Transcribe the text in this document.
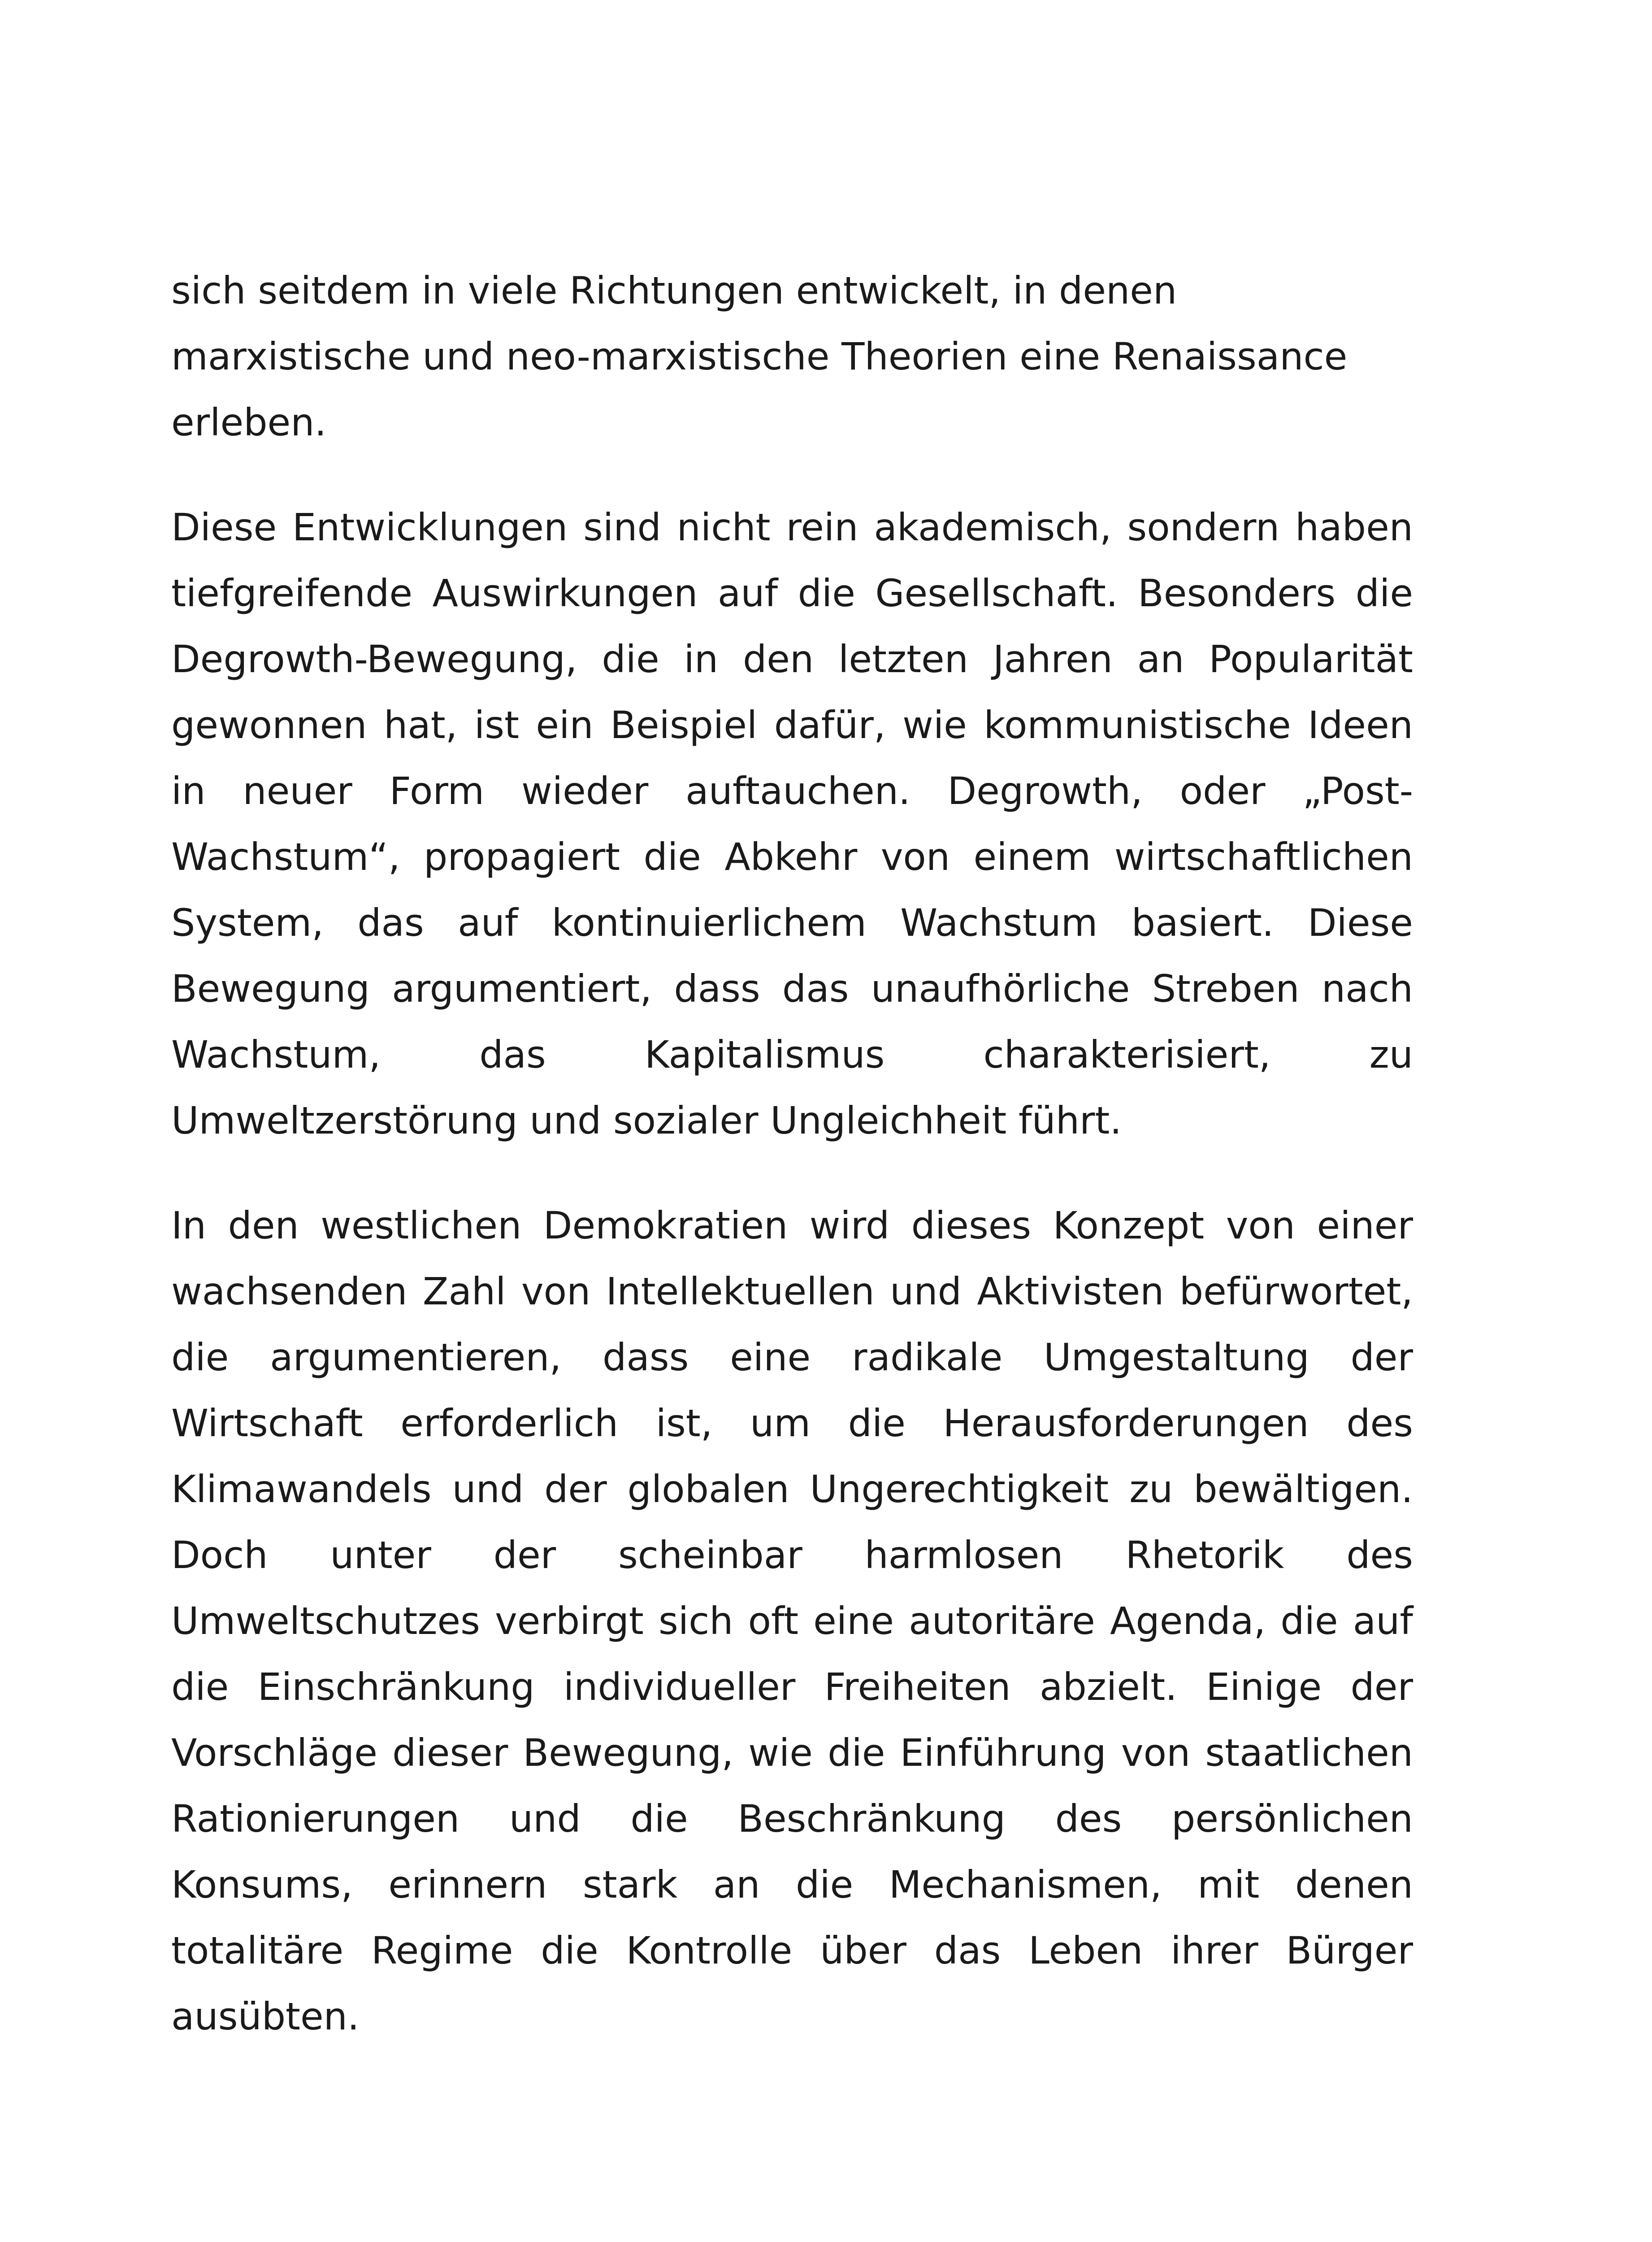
sich seitdem in viele Richtungen entwickelt, in denen marxistische und neo-marxistische Theorien eine Renaissance erleben.

Diese Entwicklungen sind nicht rein akademisch, sondern haben tiefgreifende Auswirkungen auf die Gesellschaft. Besonders die Degrowth-Bewegung, die in den letzten Jahren an Popularität gewonnen hat, ist ein Beispiel dafür, wie kommunistische Ideen in neuer Form wieder auftauchen. Degrowth, oder „Post-Wachstum“, propagiert die Abkehr von einem wirtschaftlichen System, das auf kontinuierlichem Wachstum basiert. Diese Bewegung argumentiert, dass das unaufhörliche Streben nach Wachstum, das Kapitalismus charakterisiert, zu Umweltzerstörung und sozialer Ungleichheit führt.

In den westlichen Demokratien wird dieses Konzept von einer wachsenden Zahl von Intellektuellen und Aktivisten befürwortet, die argumentieren, dass eine radikale Umgestaltung der Wirtschaft erforderlich ist, um die Herausforderungen des Klimawandels und der globalen Ungerechtigkeit zu bewältigen. Doch unter der scheinbar harmlosen Rhetorik des Umweltschutzes verbirgt sich oft eine autoritäre Agenda, die auf die Einschränkung individueller Freiheiten abzielt. Einige der Vorschläge dieser Bewegung, wie die Einführung von staatlichen Rationierungen und die Beschränkung des persönlichen Konsums, erinnern stark an die Mechanismen, mit denen totalitäre Regime die Kontrolle über das Leben ihrer Bürger ausübten.
